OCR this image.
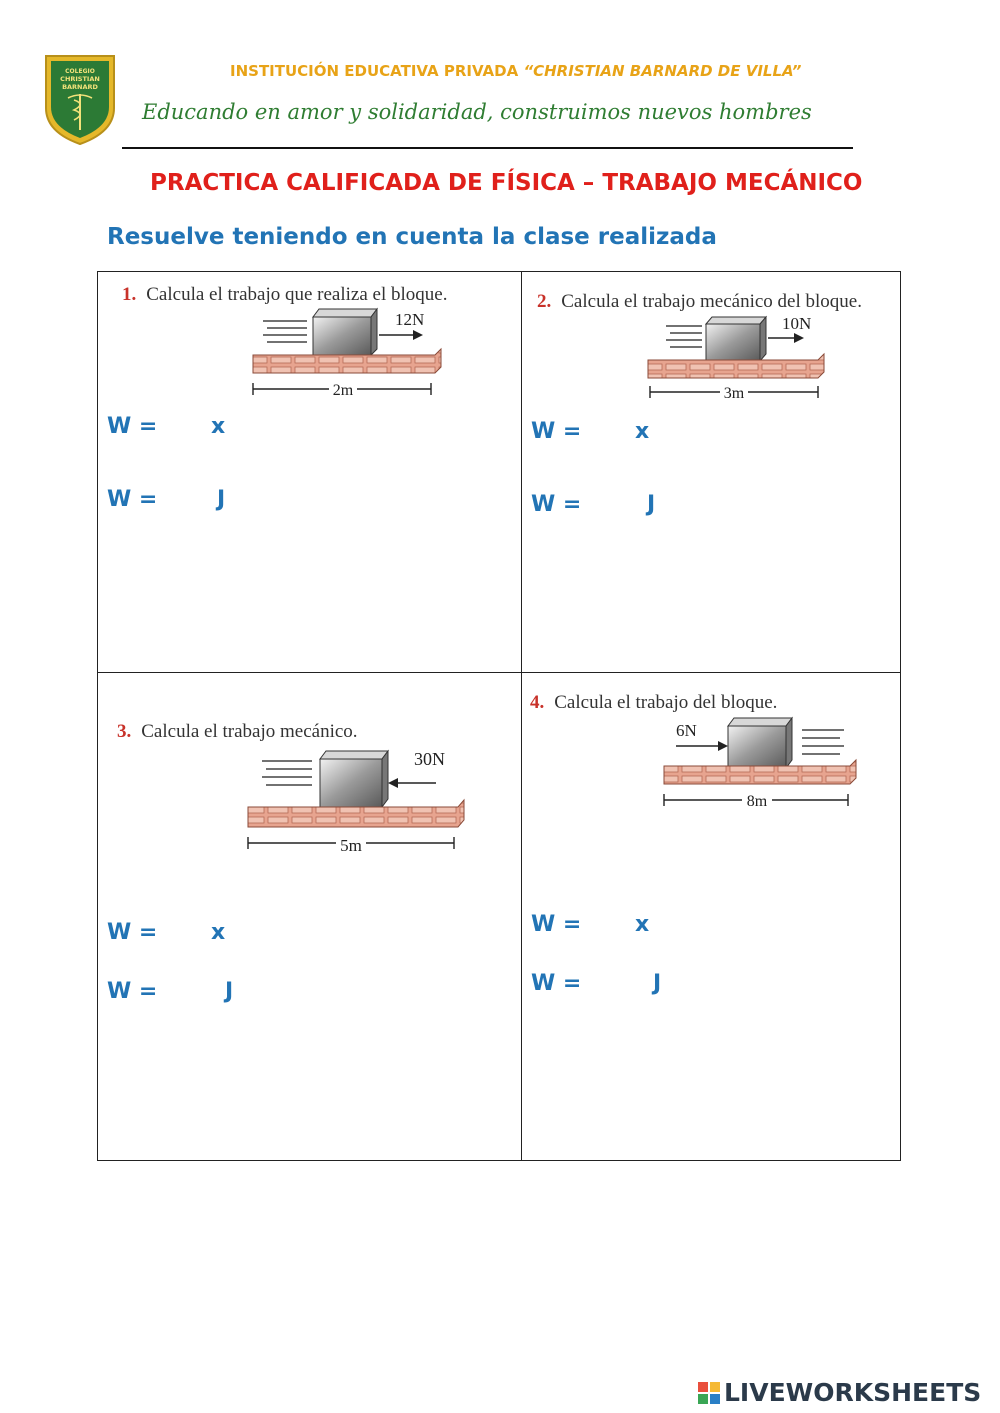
COLEGIO
CHRISTIAN
BARNARD
INSTITUCIÓN EDUCATIVA PRIVADA “CHRISTIAN BARNARD DE VILLA”
Educando en amor y solidaridad, construimos nuevos hombres
PRACTICA CALIFICADA DE FÍSICA – TRABAJO MECÁNICO
Resuelve teniendo en cuenta la clase realizada
1. Calcula el trabajo que realiza el bloque.
12N
2m
W = x
W =	J
2. Calcula el trabajo mecánico del bloque.
10N
3m
W = x
W =	J
3. Calcula el trabajo mecánico.
30N
5m
W = x
W =	J
4. Calcula el trabajo del bloque.
6N
8m
W = x
W =	J
LIVEWORKSHEETS
